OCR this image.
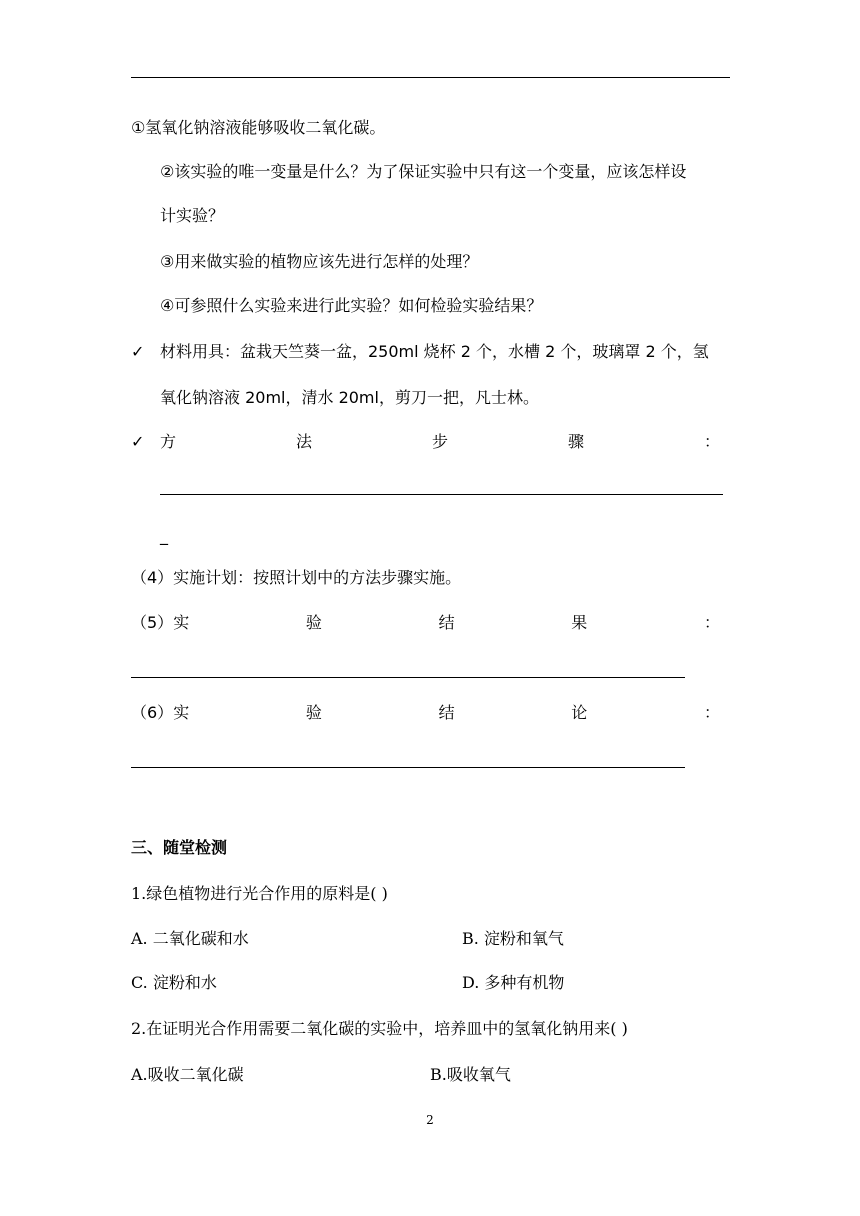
①氢氧化钠溶液能够吸收二氧化碳。
②该实验的唯一变量是什么？为了保证实验中只有这一个变量，应该怎样设
计实验？
③用来做实验的植物应该先进行怎样的处理？
④可参照什么实验来进行此实验？如何检验实验结果？
✓ 材料用具：盆栽天竺葵一盆，250ml 烧杯 2 个，水槽 2 个，玻璃罩 2 个，氢
氧化钠溶液 20ml，清水 20ml，剪刀一把，凡士林。
✓ 方	法	步	骤	：
_
（4）实施计划：按照计划中的方法步骤实施。
（5）实	验	结	果	：
（6）实	验	结	论	：
三、随堂检测
1.绿色植物进行光合作用的原料是( )
A. 二氧化碳和水	B. 淀粉和氧气
C. 淀粉和水	D. 多种有机物
2.在证明光合作用需要二氧化碳的实验中，培养皿中的氢氧化钠用来( )
A.吸收二氧化碳	B.吸收氧气
2
